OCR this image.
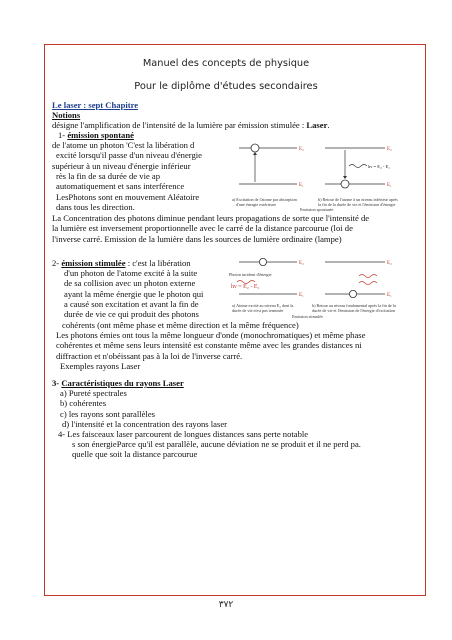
Manuel des concepts de physique
Pour le diplôme d'études secondaires
Le laser : sept Chapitre
Notions
désigne l'amplification de l'intensité de la lumière par émission stimulée : Laser.
1- émission spontané
de l'atome un photon 'C'est la libération d
excité lorsqu'il passe d'un niveau d'énergie
supérieur à un niveau d'énergie inférieur
rès la fin de sa durée de vie ap
automatiquement et sans interférence
LesPhotons sont en mouvement Aléatoire
dans tous les direction.
La Concentration des photons diminue pendant leurs propagations de sorte que l'intensité de
la lumière est inversement proportionnelle avec le carré de la distance parcourue (loi de
l'inverse carré. Emission de la lumière dans les sources de lumière ordinaire (lampe)
E₂
E₁
hν = E₂ - E₁
E₂
E₁
a) Excitation de l'atome par absorption
d'une énergie extérieure
b) Retour de l'atome à un niveau inférieur après
la fin de la durée de vie et l'émission d'énergie
Emission spontanée
2- émission stimulée : c'est la libération
d'un photon de l'atome excité à la suite
de sa collision avec un photon externe
ayant la même énergie que le photon qui
a causé son excitation et avant la fin de
durée de vie ce qui produit des photons
cohérents (ont même phase et même direction et la même fréquence)
Les photons émies ont tous la même longueur d'onde (monochromatiques) et même phase
cohérentes et même sens leurs intensité est constante même avec les grandes distances ni
diffraction et n'obéissant pas à la loi de l'inverse carré.
Exemples rayons Laser
E₂
E₁
E₂
E₁
Photon incident d'énergie
hν = E₂ - E₁
a) Atome excité au niveau E₂ dont la
durée de vie n'est pas terminée
b) Retour au niveau fondamental après la fin de la
durée de vie et l'émission de l'énergie d'excitation
Emission stimulée
3- Caractéristiques du rayons Laser
a) Pureté spectrales
b) cohérentes
c) les rayons sont parallèles
d) l'intensité et la concentration des rayons laser
4- Les faisceaux laser parcourent de longues distances sans perte notable
s son énergieParce qu'il est parallèle, aucune déviation ne se produit et il ne perd pa.
quelle que soit la distance parcourue
٣٧٢
